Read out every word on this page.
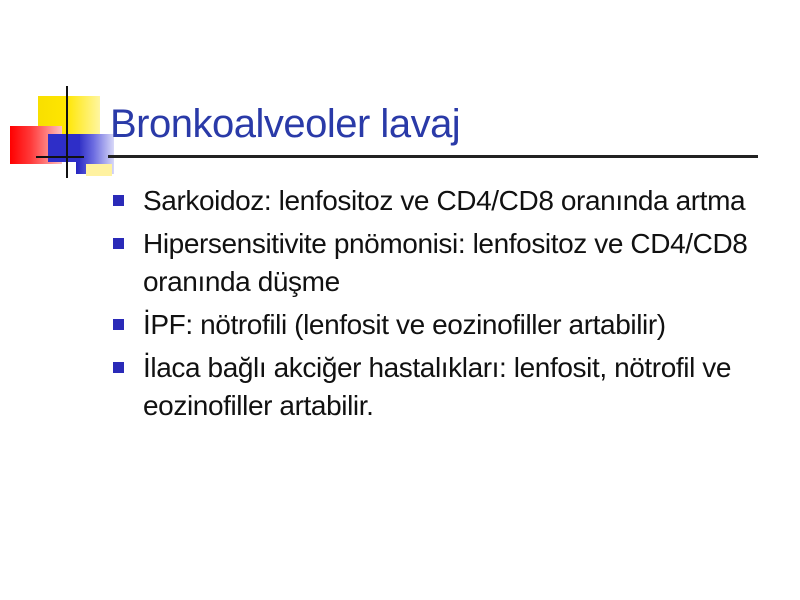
Bronkoalveoler lavaj
Sarkoidoz: lenfositoz ve CD4/CD8 oranında artma
Hipersensitivite pnömonisi: lenfositoz ve CD4/CD8 oranında düşme
İPF: nötrofili (lenfosit ve eozinofiller artabilir)
İlaca bağlı akciğer hastalıkları: lenfosit, nötrofil ve eozinofiller artabilir.
